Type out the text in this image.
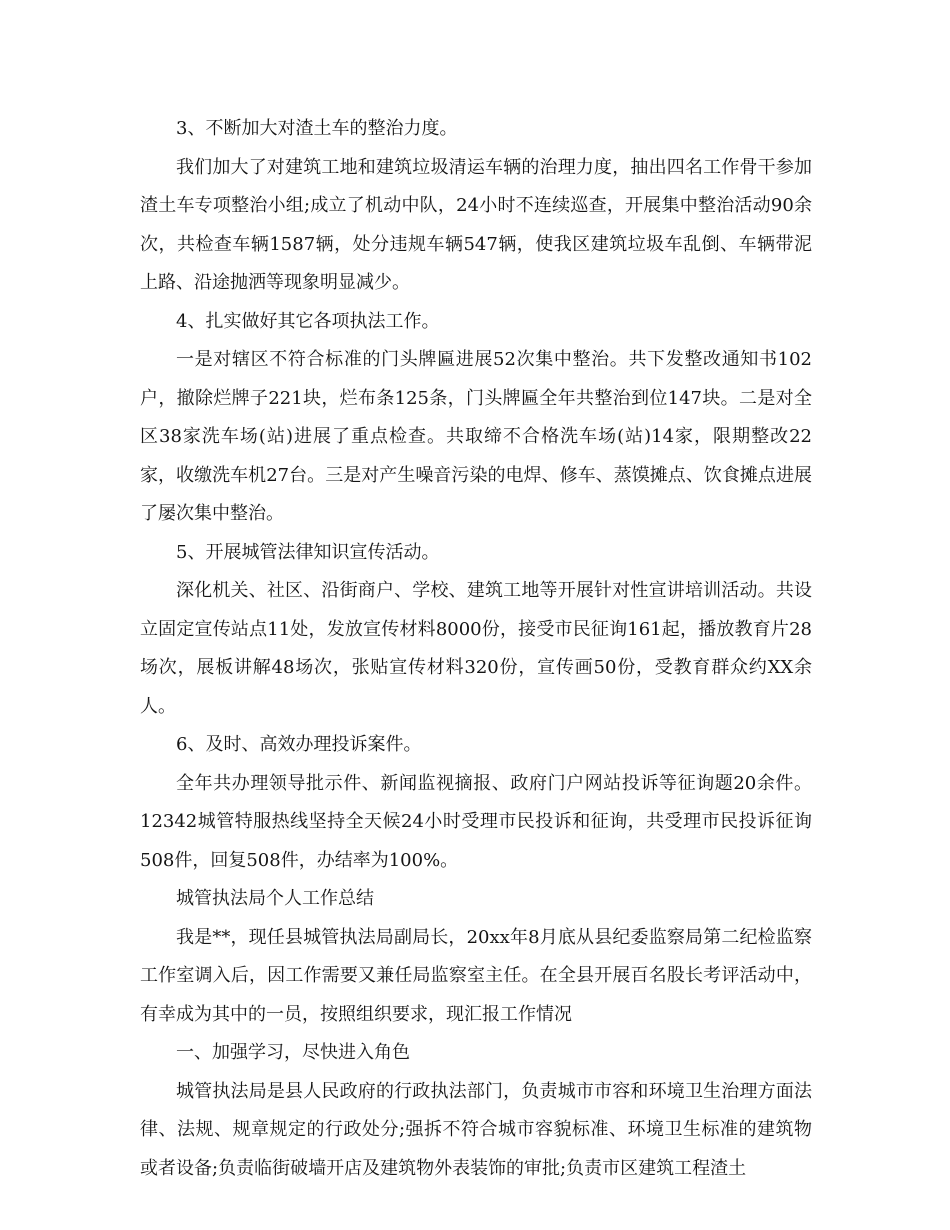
3、不断加大对渣土车的整治力度。

我们加大了对建筑工地和建筑垃圾清运车辆的治理力度，抽出四名工作骨干参加渣土车专项整治小组;成立了机动中队，24小时不连续巡查，开展集中整治活动90余次，共检查车辆1587辆，处分违规车辆547辆，使我区建筑垃圾车乱倒、车辆带泥上路、沿途抛洒等现象明显减少。

4、扎实做好其它各项执法工作。

一是对辖区不符合标准的门头牌匾进展52次集中整治。共下发整改通知书102户，撤除烂牌子221块，烂布条125条，门头牌匾全年共整治到位147块。二是对全区38家洗车场(站)进展了重点检查。共取缔不合格洗车场(站)14家，限期整改22家，收缴洗车机27台。三是对产生噪音污染的电焊、修车、蒸馍摊点、饮食摊点进展了屡次集中整治。

5、开展城管法律知识宣传活动。

深化机关、社区、沿街商户、学校、建筑工地等开展针对性宣讲培训活动。共设立固定宣传站点11处，发放宣传材料8000份，接受市民征询161起，播放教育片28场次，展板讲解48场次，张贴宣传材料320份，宣传画50份，受教育群众约XX余人。

6、及时、高效办理投诉案件。

全年共办理领导批示件、新闻监视摘报、政府门户网站投诉等征询题20余件。12342城管特服热线坚持全天候24小时受理市民投诉和征询，共受理市民投诉征询508件，回复508件，办结率为100%。

城管执法局个人工作总结

我是**，现任县城管执法局副局长，20xx年8月底从县纪委监察局第二纪检监察工作室调入后，因工作需要又兼任局监察室主任。在全县开展百名股长考评活动中，有幸成为其中的一员，按照组织要求，现汇报工作情况

一、加强学习，尽快进入角色

城管执法局是县人民政府的行政执法部门，负责城市市容和环境卫生治理方面法律、法规、规章规定的行政处分;强拆不符合城市容貌标准、环境卫生标准的建筑物或者设备;负责临街破墙开店及建筑物外表装饰的审批;负责市区建筑工程渣土
